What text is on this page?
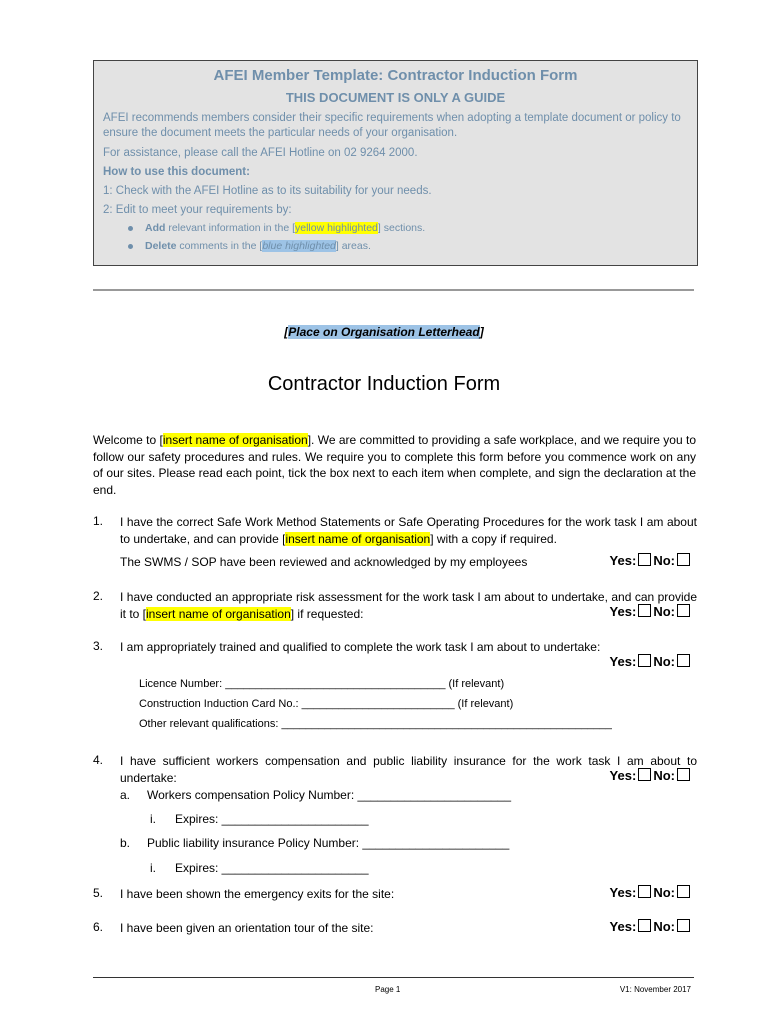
AFEI Member Template: Contractor Induction Form
THIS DOCUMENT IS ONLY A GUIDE
AFEI recommends members consider their specific requirements when adopting a template document or policy to ensure the document meets the particular needs of your organisation.
For assistance, please call the AFEI Hotline on 02 9264 2000.
How to use this document:
1: Check with the AFEI Hotline as to its suitability for your needs.
2: Edit to meet your requirements by:
Add relevant information in the [yellow highlighted] sections.
Delete comments in the [blue highlighted] areas.
[Place on Organisation Letterhead]
Contractor Induction Form
Welcome to [insert name of organisation]. We are committed to providing a safe workplace, and we require you to follow our safety procedures and rules. We require you to complete this form before you commence work on any of our sites. Please read each point, tick the box next to each item when complete, and sign the declaration at the end.
1. I have the correct Safe Work Method Statements or Safe Operating Procedures for the work task I am about to undertake, and can provide [insert name of organisation] with a copy if required.
The SWMS / SOP have been reviewed and acknowledged by my employees	Yes: No:
2. I have conducted an appropriate risk assessment for the work task I am about to undertake, and can provide it to [insert name of organisation] if requested:	Yes: No:
3. I am appropriately trained and qualified to complete the work task I am about to undertake:
Yes: No:
Licence Number: ____________________________________ (If relevant)
Construction Induction Card No.: _________________________ (If relevant)
Other relevant qualifications: ______________________________________________________
4. I have sufficient workers compensation and public liability insurance for the work task I am about to undertake:	Yes: No:
a. Workers compensation Policy Number: _______________________
i. Expires: ______________________
b. Public liability insurance Policy Number: ______________________
i. Expires: ______________________
5. I have been shown the emergency exits for the site:	Yes: No:
6. I have been given an orientation tour of the site:	Yes: No:
Page 1	V1: November 2017
